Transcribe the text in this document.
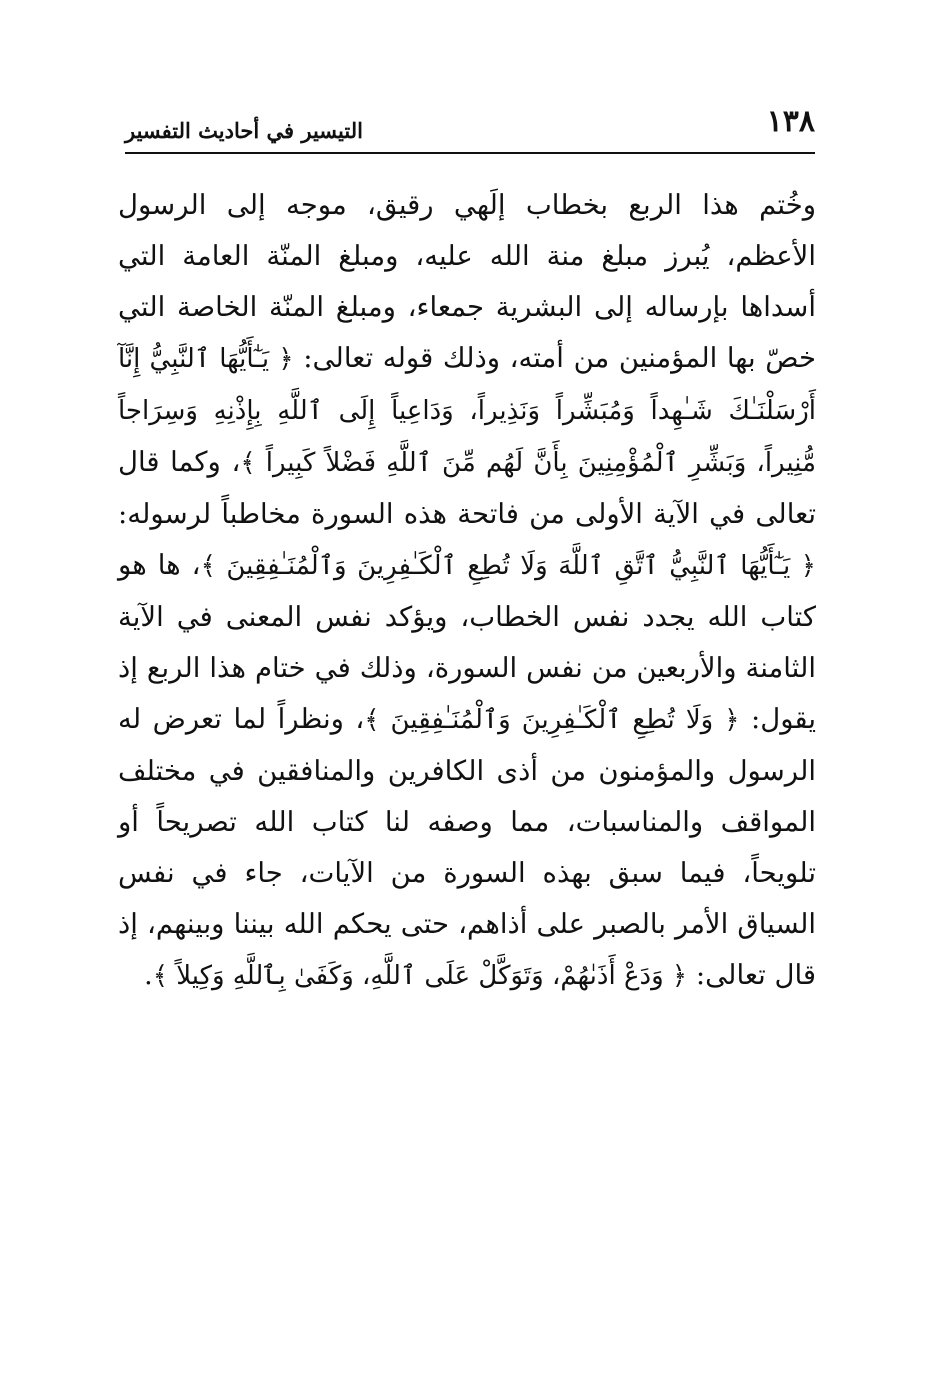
١٣٨
التيسير في أحاديث التفسير

وخُتم هذا الربع بخطاب إلَهي رقيق، موجه إلى الرسول الأعظم، يُبرز مبلغ منة الله عليه، ومبلغ المنّة العامة التي أسداها بإرساله إلى البشرية جمعاء، ومبلغ المنّة الخاصة التي خصّ بها المؤمنين من أمته، وذلك قوله تعالى: ﴿ يَـٰٓأَيُّهَا ٱلنَّبِيُّ إِنَّآ أَرْسَلْنَـٰكَ شَـٰهِداً وَمُبَشِّراً وَنَذِيراً، وَدَاعِياً إِلَى ٱللَّهِ بِإِذْنِهِ وَسِرَاجاً مُّنِيراً، وَبَشِّرِ ٱلْمُؤْمِنِينَ بِأَنَّ لَهُم مِّنَ ٱللَّهِ فَضْلاً كَبِيراً ﴾، وكما قال تعالى في الآية الأولى من فاتحة هذه السورة مخاطباً لرسوله: ﴿ يَـٰٓأَيُّهَا ٱلنَّبِيُّ ٱتَّقِ ٱللَّهَ وَلَا تُطِعِ ٱلْكَـٰفِرِينَ وَٱلْمُنَـٰفِقِينَ ﴾، ها هو كتاب الله يجدد نفس الخطاب، ويؤكد نفس المعنى في الآية الثامنة والأربعين من نفس السورة، وذلك في ختام هذا الربع إذ يقول: ﴿ وَلَا تُطِعِ ٱلْكَـٰفِرِينَ وَٱلْمُنَـٰفِقِينَ ﴾، ونظراً لما تعرض له الرسول والمؤمنون من أذى الكافرين والمنافقين في مختلف المواقف والمناسبات، مما وصفه لنا كتاب الله تصريحاً أو تلويحاً، فيما سبق بهذه السورة من الآيات، جاء في نفس السياق الأمر بالصبر على أذاهم، حتى يحكم الله بيننا وبينهم، إذ قال تعالى: ﴿ وَدَعْ أَذَىٰهُمْ، وَتَوَكَّلْ عَلَى ٱللَّهِ، وَكَفَىٰ بِٱللَّهِ وَكِيلاً ﴾.
